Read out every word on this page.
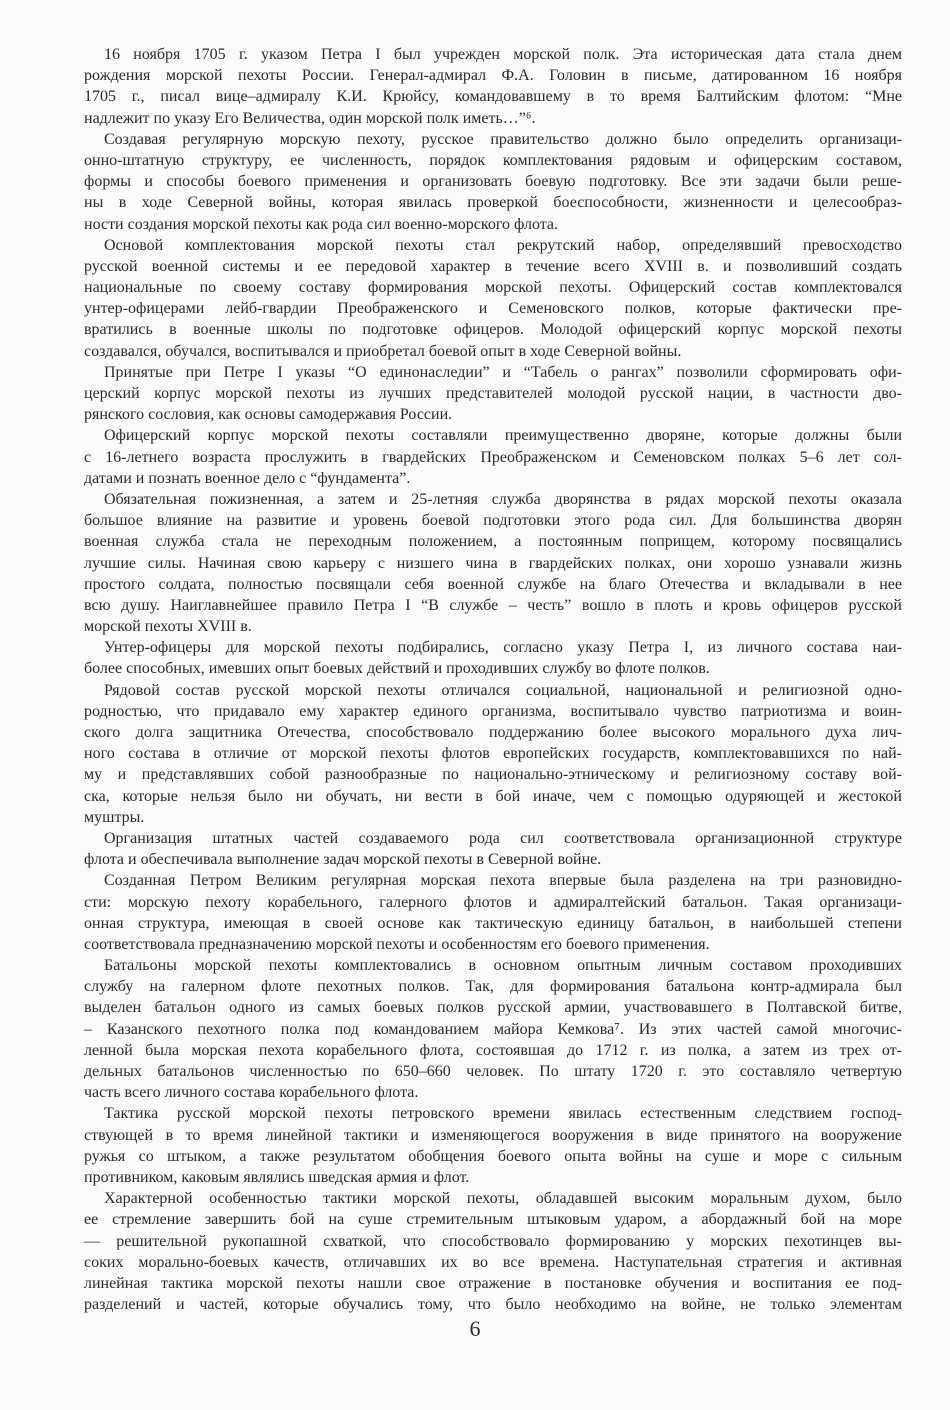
16 ноября 1705 г. указом Петра I был учрежден морской полк. Эта историческая дата стала днем
рождения морской пехоты России. Генерал-адмирал Ф.А. Головин в письме, датированном 16 ноября
1705 г., писал вице–адмиралу К.И. Крюйсу, командовавшему в то время Балтийским флотом: “Мне
надлежит по указу Его Величества, один морской полк иметь…”⁶.
Создавая регулярную морскую пехоту, русское правительство должно было определить организаци-
онно-штатную структуру, ее численность, порядок комплектования рядовым и офицерским составом,
формы и способы боевого применения и организовать боевую подготовку. Все эти задачи были реше-
ны в ходе Северной войны, которая явилась проверкой боеспособности, жизненности и целесообраз-
ности создания морской пехоты как рода сил военно-морского флота.
Основой комплектования морской пехоты стал рекрутский набор, определявший превосходство
русской военной системы и ее передовой характер в течение всего XVIII в. и позволивший создать
национальные по своему составу формирования морской пехоты. Офицерский состав комплектовался
унтер-офицерами лейб-гвардии Преображенского и Семеновского полков, которые фактически пре-
вратились в военные школы по подготовке офицеров. Молодой офицерский корпус морской пехоты
создавался, обучался, воспитывался и приобретал боевой опыт в ходе Северной войны.
Принятые при Петре I указы “О единонаследии” и “Табель о рангах” позволили сформировать офи-
церский корпус морской пехоты из лучших представителей молодой русской нации, в частности дво-
рянского сословия, как основы самодержавия России.
Офицерский корпус морской пехоты составляли преимущественно дворяне, которые должны были
с 16-летнего возраста прослужить в гвардейских Преображенском и Семеновском полках 5–6 лет сол-
датами и познать военное дело с “фундамента”.
Обязательная пожизненная, а затем и 25-летняя служба дворянства в рядах морской пехоты оказала
большое влияние на развитие и уровень боевой подготовки этого рода сил. Для большинства дворян
военная служба стала не переходным положением, а постоянным поприщем, которому посвящались
лучшие силы. Начиная свою карьеру с низшего чина в гвардейских полках, они хорошо узнавали жизнь
простого солдата, полностью посвящали себя военной службе на благо Отечества и вкладывали в нее
всю душу. Наиглавнейшее правило Петра I “В службе – честь” вошло в плоть и кровь офицеров русской
морской пехоты XVIII в.
Унтер-офицеры для морской пехоты подбирались, согласно указу Петра I, из личного состава наи-
более способных, имевших опыт боевых действий и проходивших службу во флоте полков.
Рядовой состав русской морской пехоты отличался социальной, национальной и религиозной одно-
родностью, что придавало ему характер единого организма, воспитывало чувство патриотизма и воин-
ского долга защитника Отечества, способствовало поддержанию более высокого морального духа лич-
ного состава в отличие от морской пехоты флотов европейских государств, комплектовавшихся по най-
му и представлявших собой разнообразные по национально-этническому и религиозному составу вой-
ска, которые нельзя было ни обучать, ни вести в бой иначе, чем с помощью одуряющей и жестокой
муштры.
Организация штатных частей создаваемого рода сил соответствовала организационной структуре
флота и обеспечивала выполнение задач морской пехоты в Северной войне.
Созданная Петром Великим регулярная морская пехота впервые была разделена на три разновидно-
сти: морскую пехоту корабельного, галерного флотов и адмиралтейский батальон. Такая организаци-
онная структура, имеющая в своей основе как тактическую единицу батальон, в наибольшей степени
соответствовала предназначению морской пехоты и особенностям его боевого применения.
Батальоны морской пехоты комплектовались в основном опытным личным составом проходивших
службу на галерном флоте пехотных полков. Так, для формирования батальона контр-адмирала был
выделен батальон одного из самых боевых полков русской армии, участвовавшего в Полтавской битве,
– Казанского пехотного полка под командованием майора Кемкова⁷. Из этих частей самой многочис-
ленной была морская пехота корабельного флота, состоявшая до 1712 г. из полка, а затем из трех от-
дельных батальонов численностью по 650–660 человек. По штату 1720 г. это составляло четвертую
часть всего личного состава корабельного флота.
Тактика русской морской пехоты петровского времени явилась естественным следствием господ-
ствующей в то время линейной тактики и изменяющегося вооружения в виде принятого на вооружение
ружья со штыком, а также результатом обобщения боевого опыта войны на суше и море с сильным
противником, каковым являлись шведская армия и флот.
Характерной особенностью тактики морской пехоты, обладавшей высоким моральным духом, было
ее стремление завершить бой на суше стремительным штыковым ударом, а абордажный бой на море
— решительной рукопашной схваткой, что способствовало формированию у морских пехотинцев вы-
соких морально-боевых качеств, отличавших их во все времена. Наступательная стратегия и активная
линейная тактика морской пехоты нашли свое отражение в постановке обучения и воспитания ее под-
разделений и частей, которые обучались тому, что было необходимо на войне, не только элементам
6
